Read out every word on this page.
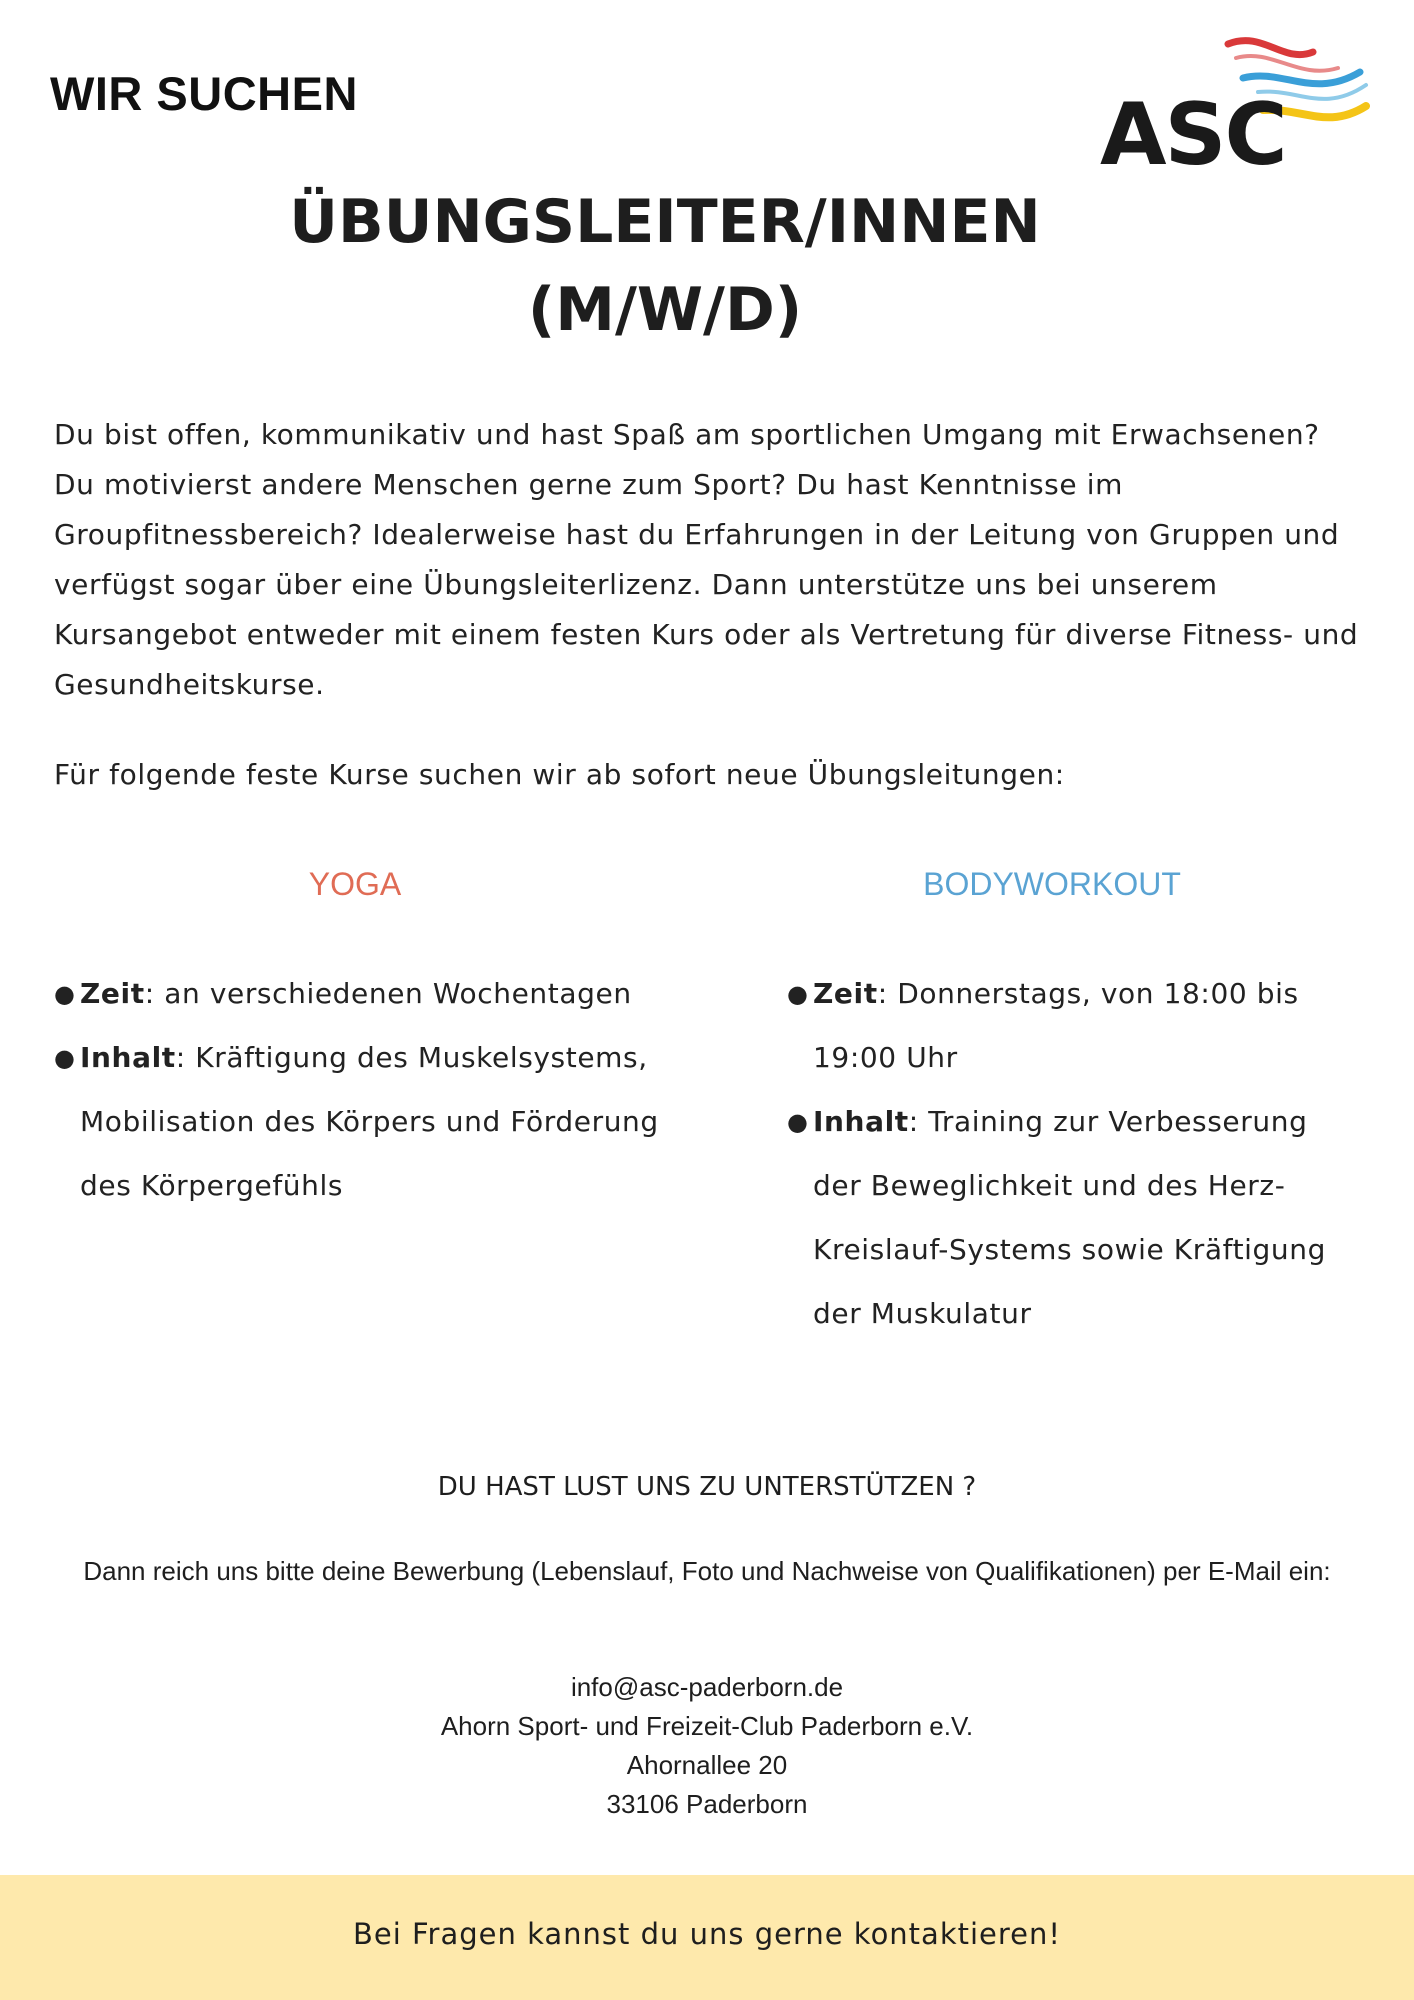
WIR SUCHEN	ASC
ÜBUNGSLEITER/INNEN
(M/W/D)

Du bist offen, kommunikativ und hast Spaß am sportlichen Umgang mit Erwachsenen? Du motivierst andere Menschen gerne zum Sport? Du hast Kenntnisse im Groupfitnessbereich? Idealerweise hast du Erfahrungen in der Leitung von Gruppen und verfügst sogar über eine Übungsleiterlizenz. Dann unterstütze uns bei unserem Kursangebot entweder mit einem festen Kurs oder als Vertretung für diverse Fitness- und Gesundheitskurse.

Für folgende feste Kurse suchen wir ab sofort neue Übungsleitungen:

YOGA	BODYWORKOUT
● Zeit: an verschiedenen Wochentagen
● Inhalt: Kräftigung des Muskelsystems, Mobilisation des Körpers und Förderung des Körpergefühls
● Zeit: Donnerstags, von 18:00 bis 19:00 Uhr
● Inhalt: Training zur Verbesserung der Beweglichkeit und des Herz-Kreislauf-Systems sowie Kräftigung der Muskulatur
DU HAST LUST UNS ZU UNTERSTÜTZEN ?

Dann reich uns bitte deine Bewerbung (Lebenslauf, Foto und Nachweise von Qualifikationen) per E-Mail ein:

info@asc-paderborn.de
Ahorn Sport- und Freizeit-Club Paderborn e.V.
Ahornallee 20
33106 Paderborn
Bei Fragen kannst du uns gerne kontaktieren!
